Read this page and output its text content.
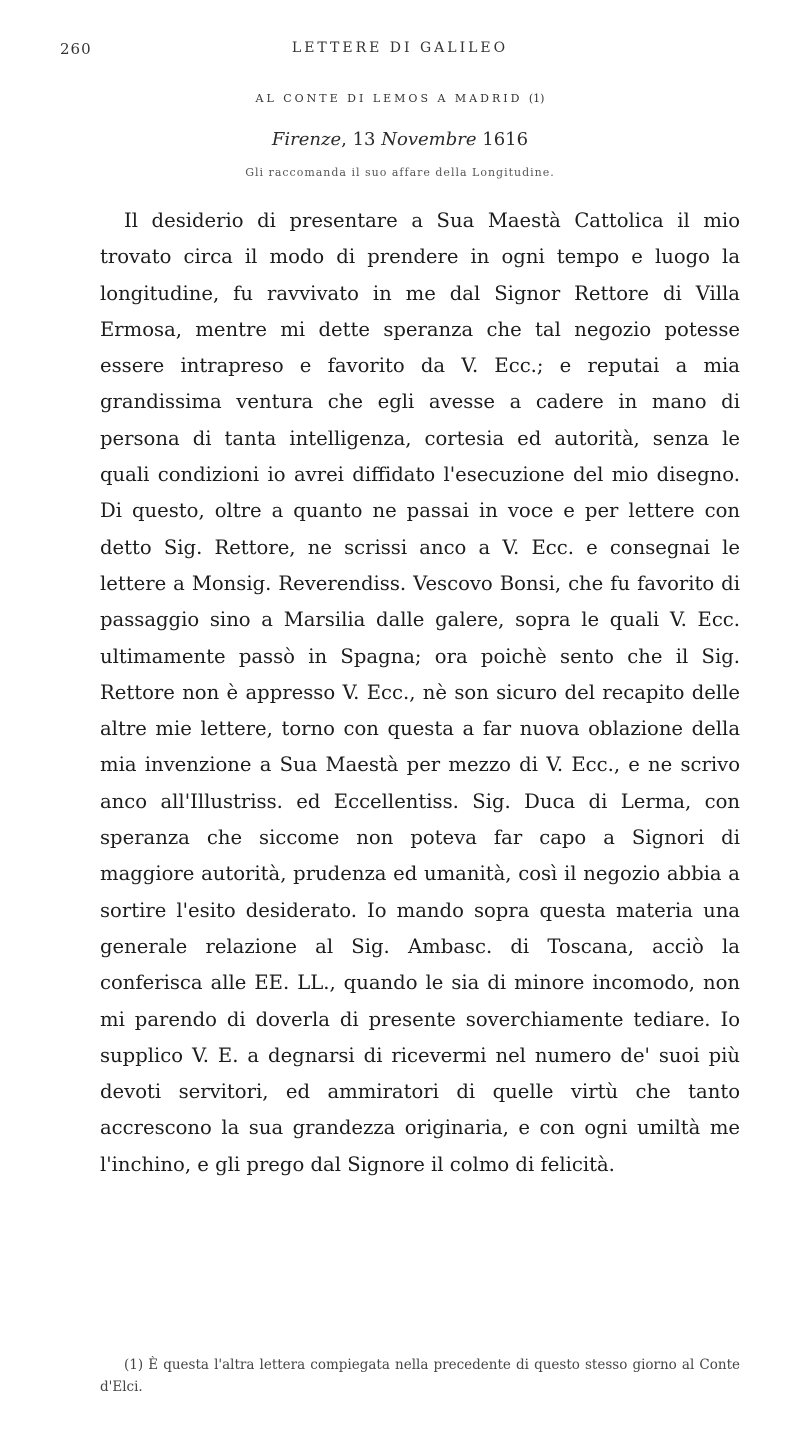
260	LETTERE DI GALILEO
AL CONTE DI LEMOS A MADRID (1)
Firenze, 13 Novembre 1616
Gli raccomanda il suo affare della Longitudine.

Il desiderio di presentare a Sua Maestà Cattolica il mio trovato circa il modo di prendere in ogni tempo e luogo la longitudine, fu ravvivato in me dal Signor Rettore di Villa Ermosa, mentre mi dette speranza che tal negozio potesse essere intrapreso e favorito da V. Ecc.; e reputai a mia grandissima ventura che egli avesse a cadere in mano di persona di tanta intelligenza, cortesia ed autorità, senza le quali condizioni io avrei diffidato l'esecuzione del mio disegno. Di questo, oltre a quanto ne passai in voce e per lettere con detto Sig. Rettore, ne scrissi anco a V. Ecc. e consegnai le lettere a Monsig. Reverendiss. Vescovo Bonsi, che fu favorito di passaggio sino a Marsilia dalle galere, sopra le quali V. Ecc. ultimamente passò in Spagna; ora poichè sento che il Sig. Rettore non è appresso V. Ecc., nè son sicuro del recapito delle altre mie lettere, torno con questa a far nuova oblazione della mia invenzione a Sua Maestà per mezzo di V. Ecc., e ne scrivo anco all'Illustriss. ed Eccellentiss. Sig. Duca di Lerma, con speranza che siccome non poteva far capo a Signori di maggiore autorità, prudenza ed umanità, così il negozio abbia a sortire l'esito desiderato. Io mando sopra questa materia una generale relazione al Sig. Ambasc. di Toscana, acciò la conferisca alle EE. LL., quando le sia di minore incomodo, non mi parendo di doverla di presente soverchiamente tediare. Io supplico V. E. a degnarsi di ricevermi nel numero de' suoi più devoti servitori, ed ammiratori di quelle virtù che tanto accrescono la sua grandezza originaria, e con ogni umiltà me l'inchino, e gli prego dal Signore il colmo di felicità.

(1) È questa l'altra lettera compiegata nella precedente di questo stesso giorno al Conte d'Elci.
